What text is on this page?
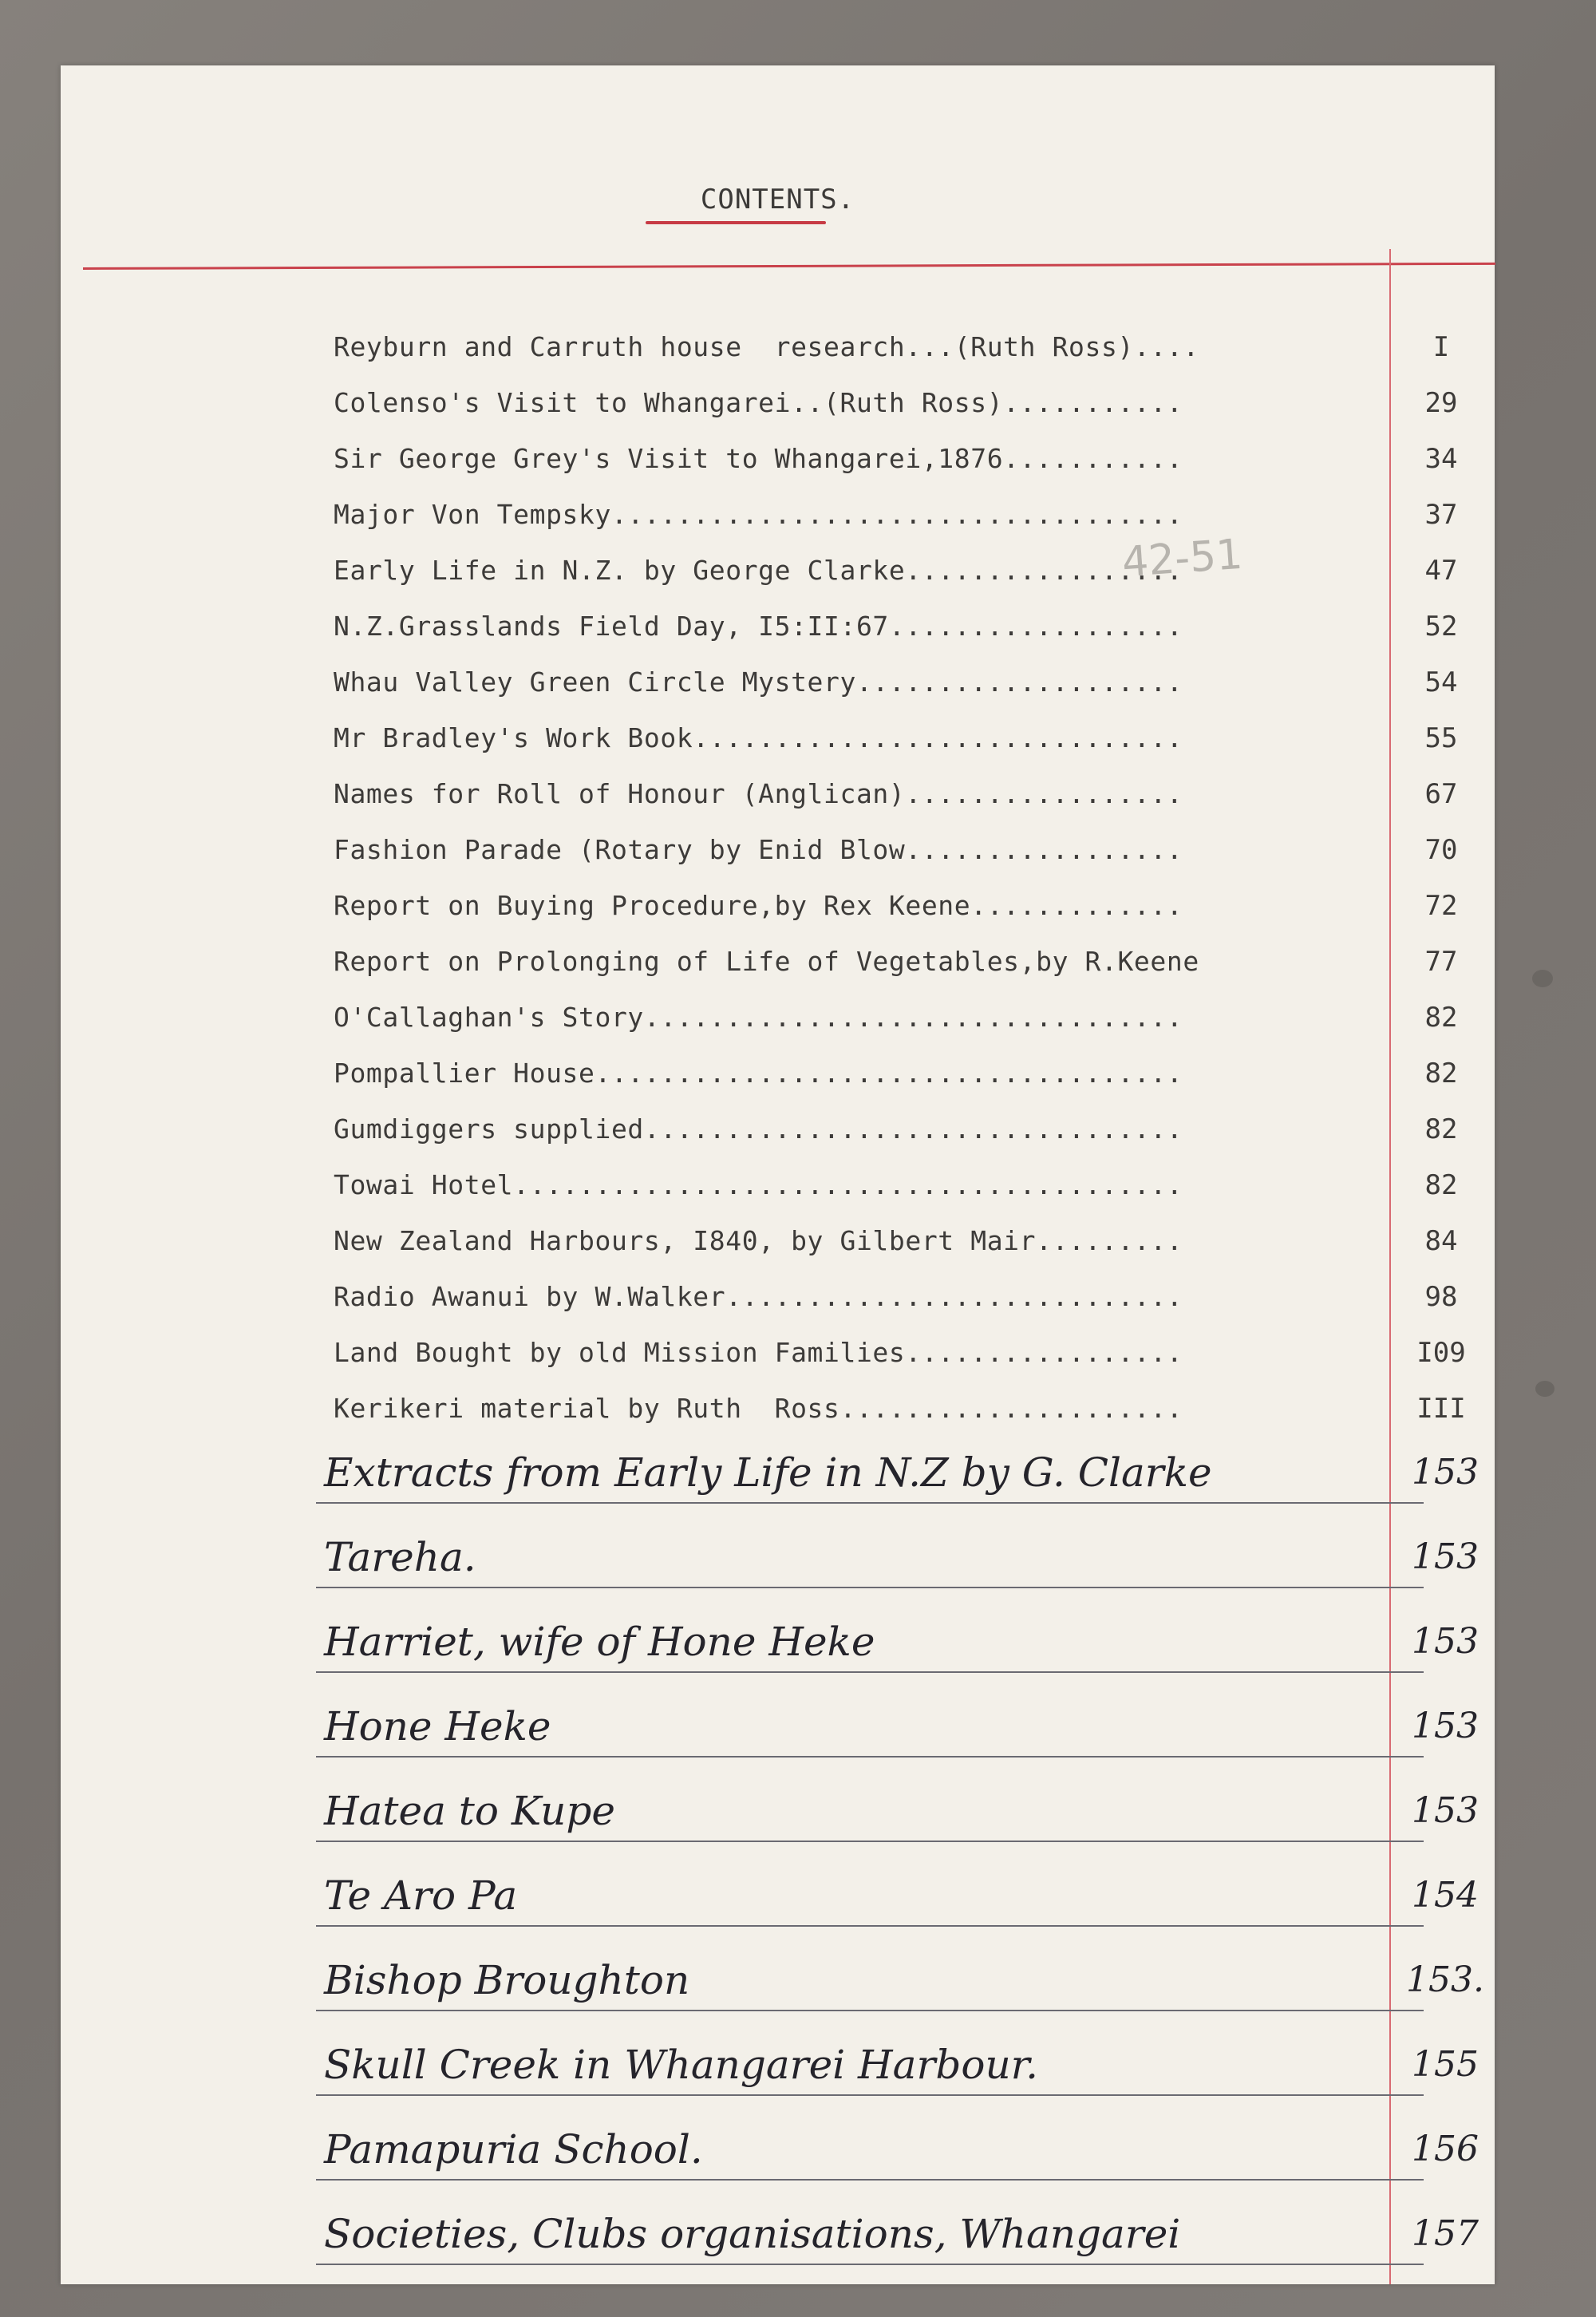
CONTENTS.
42-51
Reyburn and Carruth house  research...(Ruth Ross)....	I
Colenso's Visit to Whangarei..(Ruth Ross)...........	29
Sir George Grey's Visit to Whangarei,1876...........	34
Major Von Tempsky...................................	37
Early Life in N.Z. by George Clarke.................	47
N.Z.Grasslands Field Day, I5:II:67..................	52
Whau Valley Green Circle Mystery....................	54
Mr Bradley's Work Book..............................	55
Names for Roll of Honour (Anglican).................	67
Fashion Parade (Rotary by Enid Blow.................	70
Report on Buying Procedure,by Rex Keene.............	72
Report on Prolonging of Life of Vegetables,by R.Keene	77
O'Callaghan's Story.................................	82
Pompallier House....................................	82
Gumdiggers supplied.................................	82
Towai Hotel.........................................	82
New Zealand Harbours, I840, by Gilbert Mair.........	84
Radio Awanui by W.Walker............................	98
Land Bought by old Mission Families.................	I09
Kerikeri material by Ruth  Ross.....................	III
Extracts from Early Life in N.Z by G. Clarke	153
Tareha.	153
Harriet, wife of Hone Heke	153
Hone Heke	153
Hatea to Kupe	153
Te Aro Pa	154
Bishop Broughton	153.
Skull Creek in Whangarei Harbour.	155
Pamapuria School.	156
Societies, Clubs organisations, Whangarei	157
